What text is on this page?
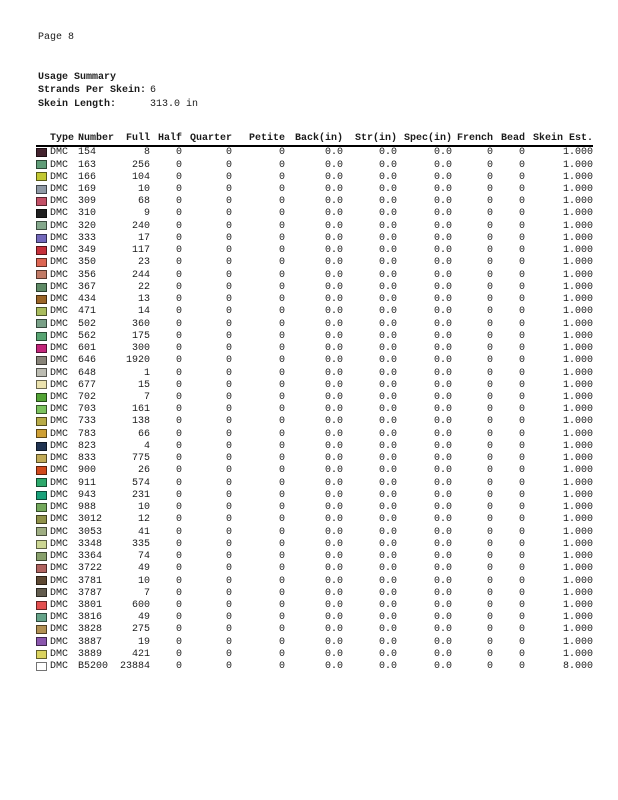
Page 8
Usage Summary
Strands Per Skein: 6
Skein Length:	313.0 in
	Type	Number	Full	Half	Quarter	Petite	Back(in)	Str(in)	Spec(in)	French	Bead	Skein Est.
	DMC	154	8	0	0	0	0.0	0.0	0.0	0	0	1.000
	DMC	163	256	0	0	0	0.0	0.0	0.0	0	0	1.000
	DMC	166	104	0	0	0	0.0	0.0	0.0	0	0	1.000
	DMC	169	10	0	0	0	0.0	0.0	0.0	0	0	1.000
	DMC	309	68	0	0	0	0.0	0.0	0.0	0	0	1.000
	DMC	310	9	0	0	0	0.0	0.0	0.0	0	0	1.000
	DMC	320	240	0	0	0	0.0	0.0	0.0	0	0	1.000
	DMC	333	17	0	0	0	0.0	0.0	0.0	0	0	1.000
	DMC	349	117	0	0	0	0.0	0.0	0.0	0	0	1.000
	DMC	350	23	0	0	0	0.0	0.0	0.0	0	0	1.000
	DMC	356	244	0	0	0	0.0	0.0	0.0	0	0	1.000
	DMC	367	22	0	0	0	0.0	0.0	0.0	0	0	1.000
	DMC	434	13	0	0	0	0.0	0.0	0.0	0	0	1.000
	DMC	471	14	0	0	0	0.0	0.0	0.0	0	0	1.000
	DMC	502	360	0	0	0	0.0	0.0	0.0	0	0	1.000
	DMC	562	175	0	0	0	0.0	0.0	0.0	0	0	1.000
	DMC	601	300	0	0	0	0.0	0.0	0.0	0	0	1.000
	DMC	646	1920	0	0	0	0.0	0.0	0.0	0	0	1.000
	DMC	648	1	0	0	0	0.0	0.0	0.0	0	0	1.000
	DMC	677	15	0	0	0	0.0	0.0	0.0	0	0	1.000
	DMC	702	7	0	0	0	0.0	0.0	0.0	0	0	1.000
	DMC	703	161	0	0	0	0.0	0.0	0.0	0	0	1.000
	DMC	733	138	0	0	0	0.0	0.0	0.0	0	0	1.000
	DMC	783	66	0	0	0	0.0	0.0	0.0	0	0	1.000
	DMC	823	4	0	0	0	0.0	0.0	0.0	0	0	1.000
	DMC	833	775	0	0	0	0.0	0.0	0.0	0	0	1.000
	DMC	900	26	0	0	0	0.0	0.0	0.0	0	0	1.000
	DMC	911	574	0	0	0	0.0	0.0	0.0	0	0	1.000
	DMC	943	231	0	0	0	0.0	0.0	0.0	0	0	1.000
	DMC	988	10	0	0	0	0.0	0.0	0.0	0	0	1.000
	DMC	3012	12	0	0	0	0.0	0.0	0.0	0	0	1.000
	DMC	3053	41	0	0	0	0.0	0.0	0.0	0	0	1.000
	DMC	3348	335	0	0	0	0.0	0.0	0.0	0	0	1.000
	DMC	3364	74	0	0	0	0.0	0.0	0.0	0	0	1.000
	DMC	3722	49	0	0	0	0.0	0.0	0.0	0	0	1.000
	DMC	3781	10	0	0	0	0.0	0.0	0.0	0	0	1.000
	DMC	3787	7	0	0	0	0.0	0.0	0.0	0	0	1.000
	DMC	3801	600	0	0	0	0.0	0.0	0.0	0	0	1.000
	DMC	3816	49	0	0	0	0.0	0.0	0.0	0	0	1.000
	DMC	3828	275	0	0	0	0.0	0.0	0.0	0	0	1.000
	DMC	3887	19	0	0	0	0.0	0.0	0.0	0	0	1.000
	DMC	3889	421	0	0	0	0.0	0.0	0.0	0	0	1.000
	DMC	B5200	23884	0	0	0	0.0	0.0	0.0	0	0	8.000
